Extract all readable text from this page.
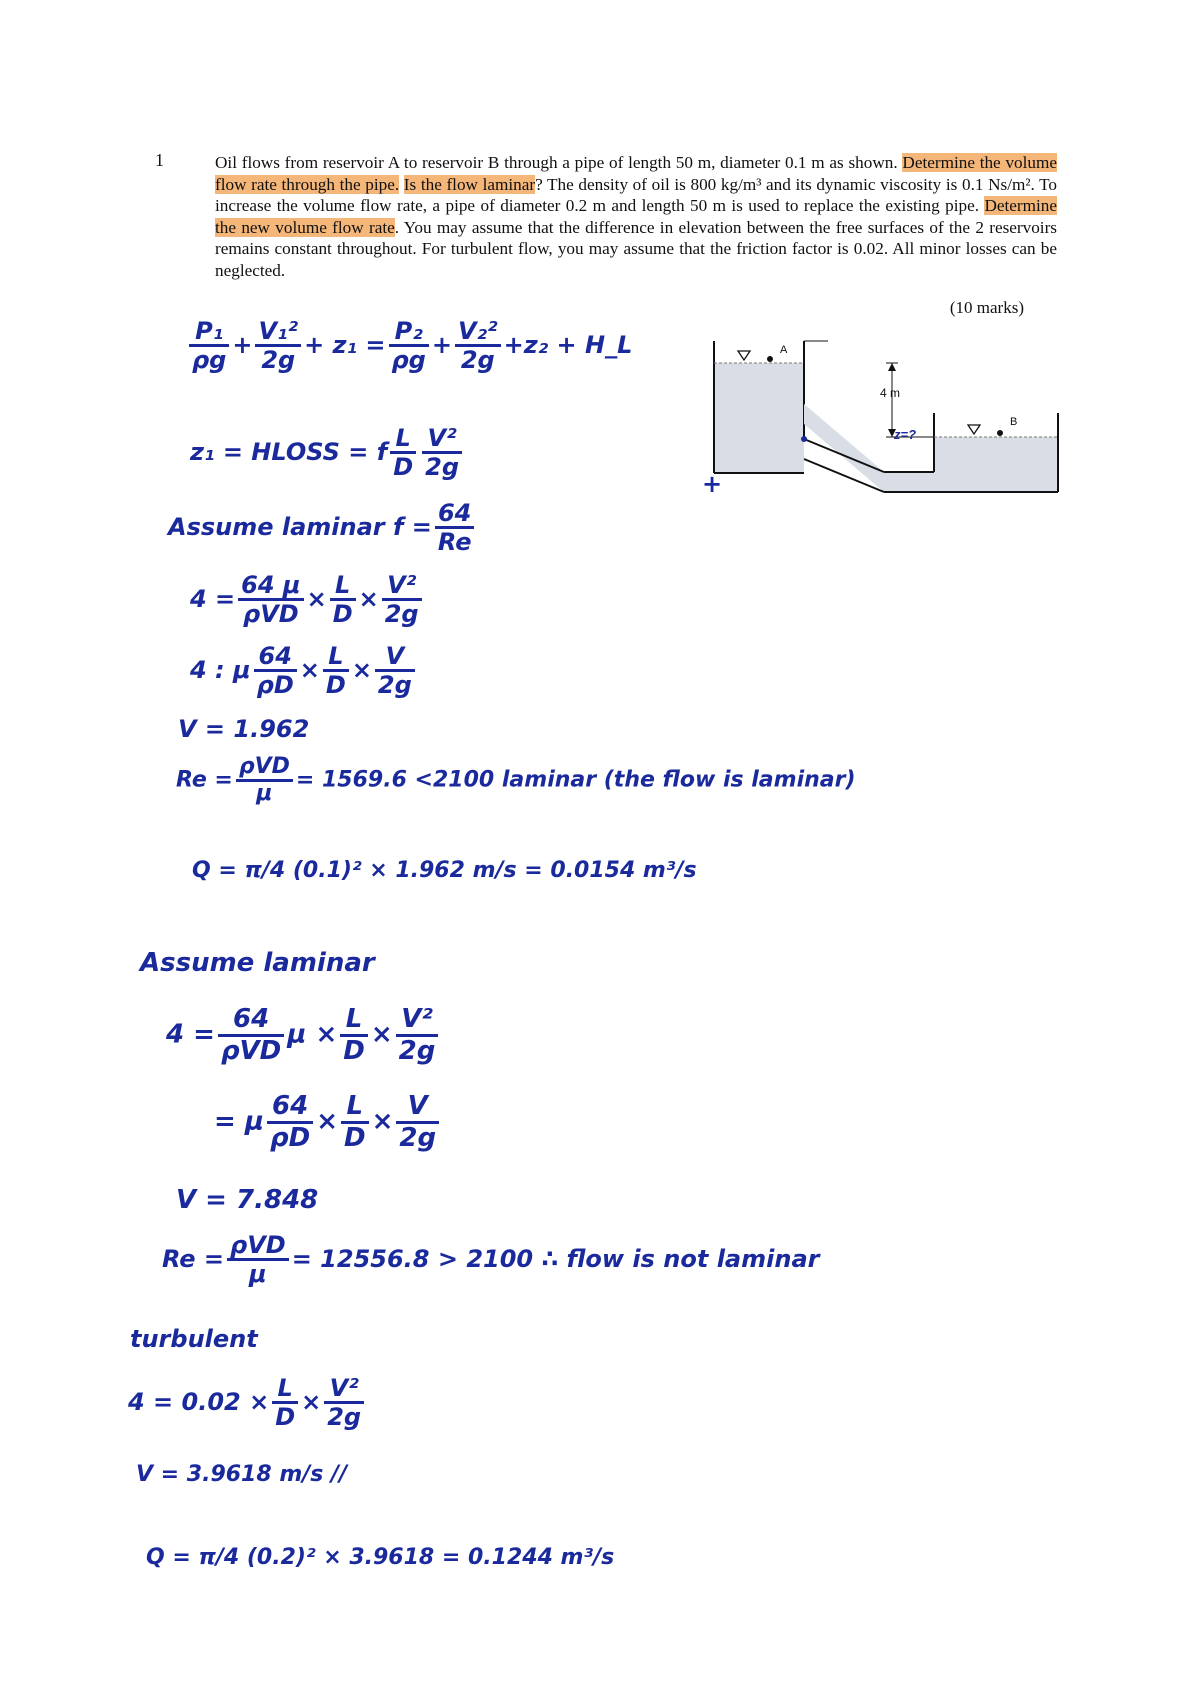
1	Oil flows from reservoir A to reservoir B through a pipe of length 50 m, diameter 0.1 m as shown. Determine the volume flow rate through the pipe. Is the flow laminar? The density of oil is 800 kg/m³ and its dynamic viscosity is 0.1 Ns/m². To increase the volume flow rate, a pipe of diameter 0.2 m and length 50 m is used to replace the existing pipe. Determine the new volume flow rate. You may assume that the difference in elevation between the free surfaces of the 2 reservoirs remains constant throughout. For turbulent flow, you may assume that the friction factor is 0.02. All minor losses can be neglected.
(10 marks)
A
B
4 m
z=?
+
$\frac{\text{P₁}}{\rho g} + \frac{\text{V₁²}}{2g} + z_1 = \frac{\text{P₂}}{\rho g} + \frac{\text{V₂²}}{2g} +z_2$ + H_L
z₁ = HLOSS = f $\frac{L}{D} \frac{\text{V²}}{2g}$
Assume laminar $f = \frac{64}{Re}$
$4 = \frac{64 \mu}{\text{ρVD}} \times \frac{L}{D} \times \frac{\text{V²}}{2g}$
4 : μ $\frac{64}{\rho D} \times \frac{L}{D} \times \frac{V}{2g}$
V = 1.962
$Re = \frac{\text{ρVD}}{\mu} = 1569.6 <2100$ laminar (the flow is laminar)
Q = π/4 (0.1)² × 1.962 m/s = 0.0154 m³/s
Assume laminar
$4 = \frac{64}{\text{ρVD}}$ $\mu \times \frac{L}{D} \times \frac{\text{V²}}{2g}$
= μ $\frac{64}{\rho D} \times \frac{L}{D} \times \frac{V}{2g}$
V = 7.848
$Re = \frac{\text{ρVD}}{\mu} = 12556.8 > 2100$ ∴ flow is not laminar
turbulent
$4 = 0.02 \times \frac{L}{D} \times \frac{\text{V²}}{2g}$
V = 3.9618 m/s //
Q = π/4 (0.2)² × 3.9618 = 0.1244 m³/s
